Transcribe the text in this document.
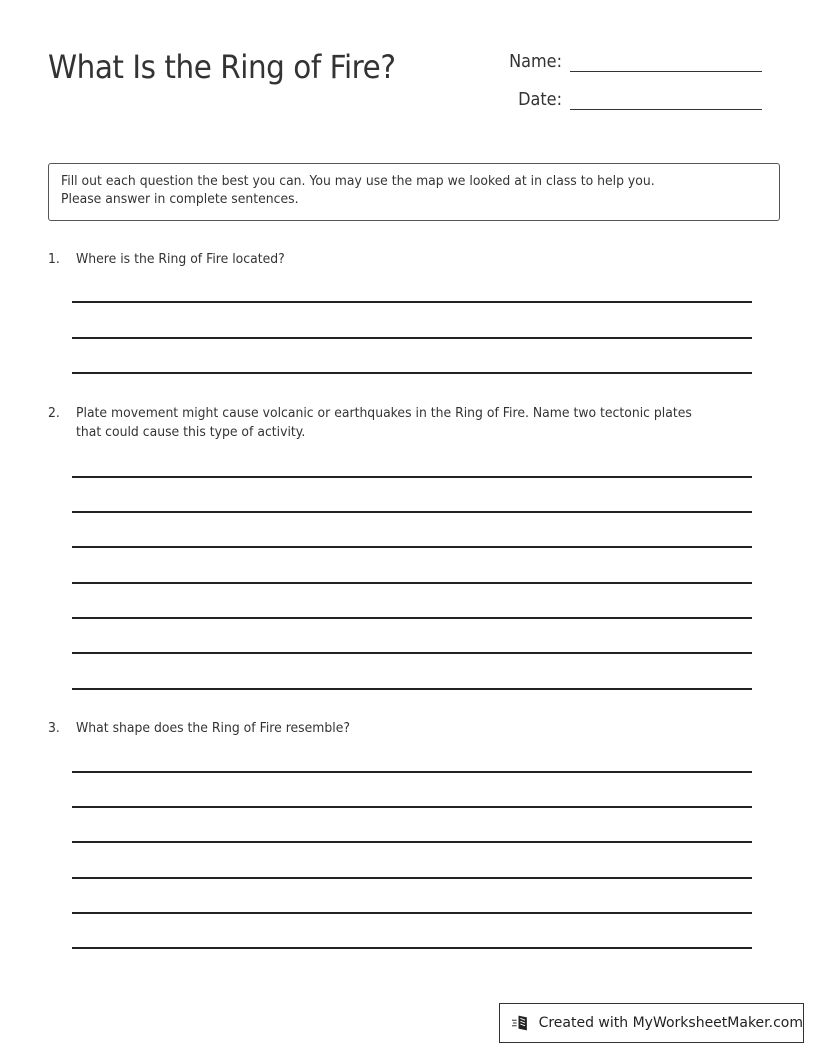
What Is the Ring of Fire?	Name:
Date:
Fill out each question the best you can. You may use the map we looked at in class to help you.
Please answer in complete sentences.
1. Where is the Ring of Fire located?
2. Plate movement might cause volcanic or earthquakes in the Ring of Fire. Name two tectonic plates
that could cause this type of activity.
3. What shape does the Ring of Fire resemble?
Created with MyWorksheetMaker.com
